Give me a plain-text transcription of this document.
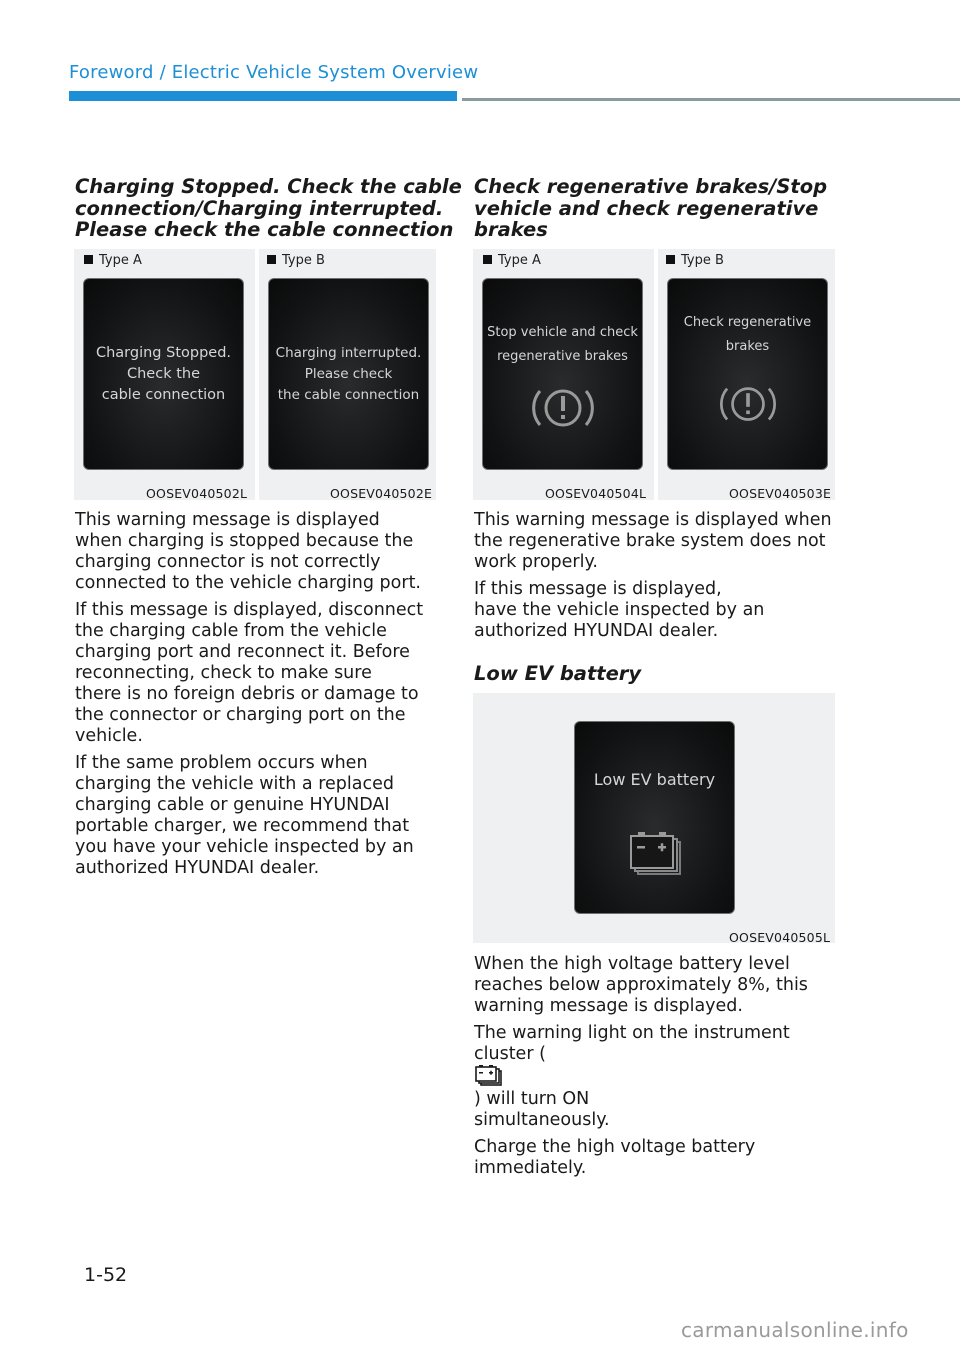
Foreword / Electric Vehicle System Overview
Charging Stopped. Check the cable
connection/Charging interrupted.
Please check the cable connection
Type A	Type B
Charging Stopped.
Check the
cable connection
Charging interrupted.
Please check
the cable connection
OOSEV040502L	OOSEV040502E

This warning message is displayed
when charging is stopped because the
charging connector is not correctly
connected to the vehicle charging port.

If this message is displayed, disconnect
the charging cable from the vehicle
charging port and reconnect it. Before
reconnecting, check to make sure
there is no foreign debris or damage to
the connector or charging port on the
vehicle.

If the same problem occurs when
charging the vehicle with a replaced
charging cable or genuine HYUNDAI
portable charger, we recommend that
you have your vehicle inspected by an
authorized HYUNDAI dealer.

Check regenerative brakes/Stop
vehicle and check regenerative
brakes
Type A	Type B
Stop vehicle and check
regenerative brakes
Check regenerative
brakes
OOSEV040504L	OOSEV040503E

This warning message is displayed when
the regenerative brake system does not
work properly.

If this message is displayed,
have the vehicle inspected by an
authorized HYUNDAI dealer.

Low EV battery
Low EV battery
OOSEV040505L

When the high voltage battery level
reaches below approximately 8%, this
warning message is displayed.

The warning light on the instrument
cluster (
) will turn ON
simultaneously.

Charge the high voltage battery
immediately.

1-52
carmanualsonline.info
